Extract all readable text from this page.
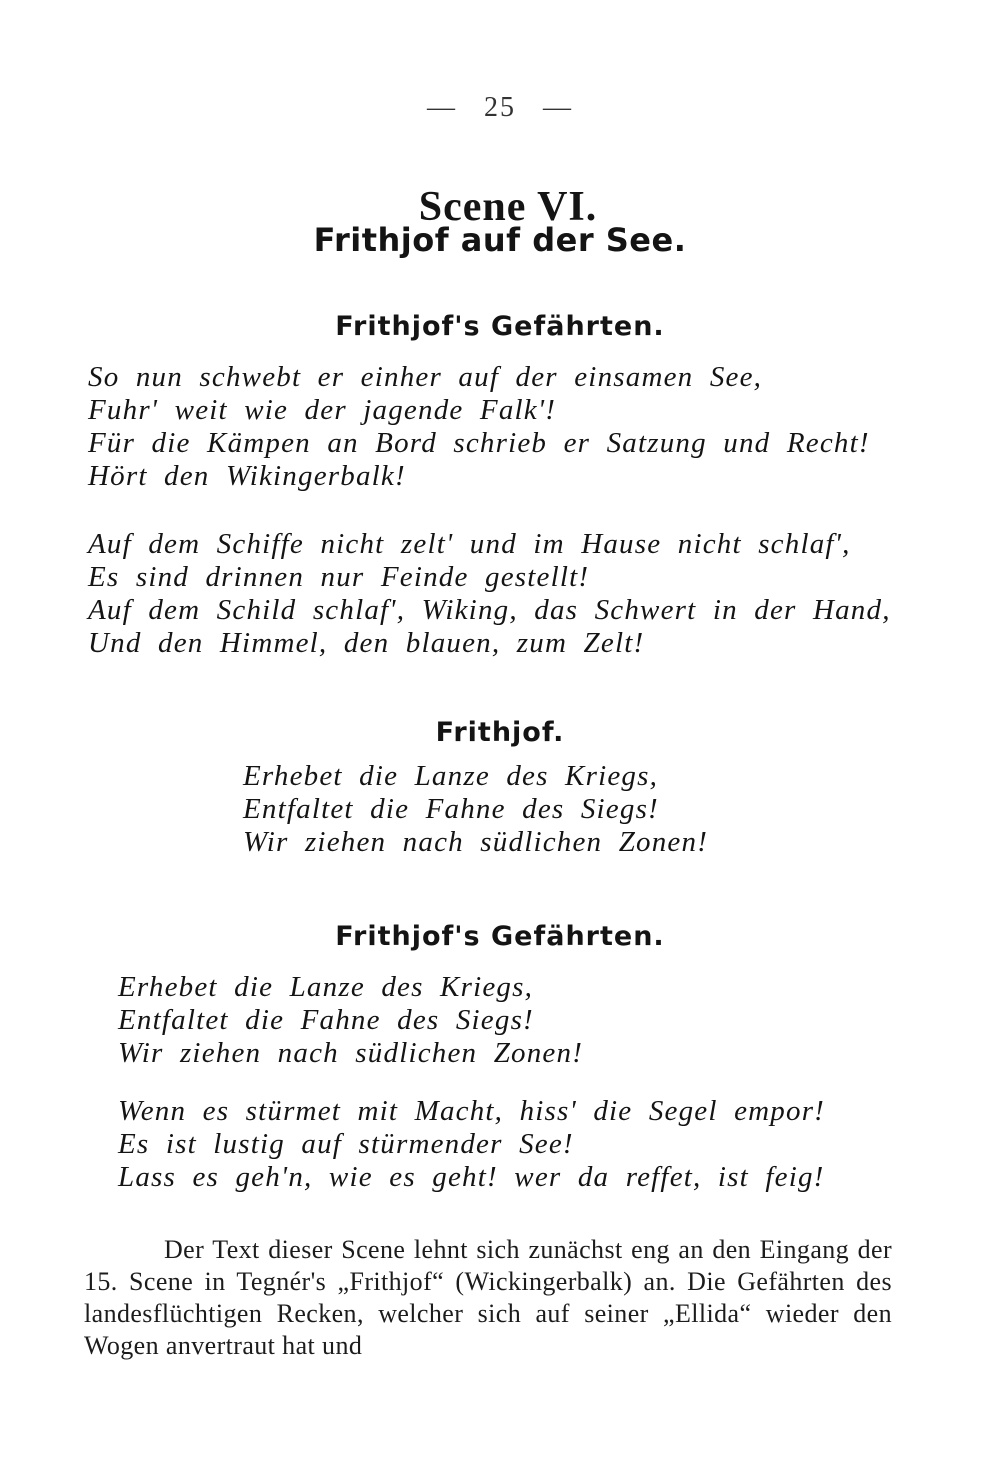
— 25 —
Scene VI.
Frithjof auf der See.
Frithjof's Gefährten.
So nun schwebt er einher auf der einsamen See,
Fuhr' weit wie der jagende Falk'!
Für die Kämpen an Bord schrieb er Satzung und Recht!
Hört den Wikingerbalk!
Auf dem Schiffe nicht zelt' und im Hause nicht schlaf',
Es sind drinnen nur Feinde gestellt!
Auf dem Schild schlaf', Wiking, das Schwert in der Hand,
Und den Himmel, den blauen, zum Zelt!
Frithjof.
Erhebet die Lanze des Kriegs,
Entfaltet die Fahne des Siegs!
Wir ziehen nach südlichen Zonen!
Frithjof's Gefährten.
Erhebet die Lanze des Kriegs,
Entfaltet die Fahne des Siegs!
Wir ziehen nach südlichen Zonen!
Wenn es stürmet mit Macht, hiss' die Segel empor!
Es ist lustig auf stürmender See!
Lass es geh'n, wie es geht! wer da reffet, ist feig!

Der Text dieser Scene lehnt sich zunächst eng an den Eingang der 15. Scene in Tegnér's „Frithjof“ (Wickingerbalk) an. Die Gefährten des landesflüchtigen Recken, welcher sich auf seiner „Ellida“ wieder den Wogen anvertraut hat und
